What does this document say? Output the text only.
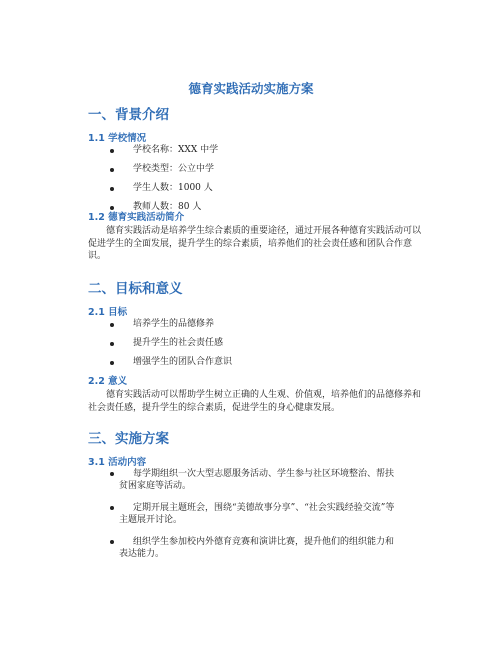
德育实践活动实施方案
一、背景介绍
1.1 学校情况
学校名称：XXX 中学
学校类型：公立中学
学生人数：1000 人
教师人数：80 人
1.2 德育实践活动简介

德育实践活动是培养学生综合素质的重要途径，通过开展各种德育实践活动可以促进学生的全面发展，提升学生的综合素质，培养他们的社会责任感和团队合作意识。

二、目标和意义
2.1 目标
培养学生的品德修养
提升学生的社会责任感
增强学生的团队合作意识
2.2 意义

德育实践活动可以帮助学生树立正确的人生观、价值观，培养他们的品德修养和社会责任感，提升学生的综合素质，促进学生的身心健康发展。

三、实施方案
3.1 活动内容
每学期组织一次大型志愿服务活动、学生参与社区环境整治、帮扶贫困家庭等活动。
定期开展主题班会，围绕“美德故事分享”、“社会实践经验交流”等主题展开讨论。
组织学生参加校内外德育竞赛和演讲比赛，提升他们的组织能力和表达能力。
